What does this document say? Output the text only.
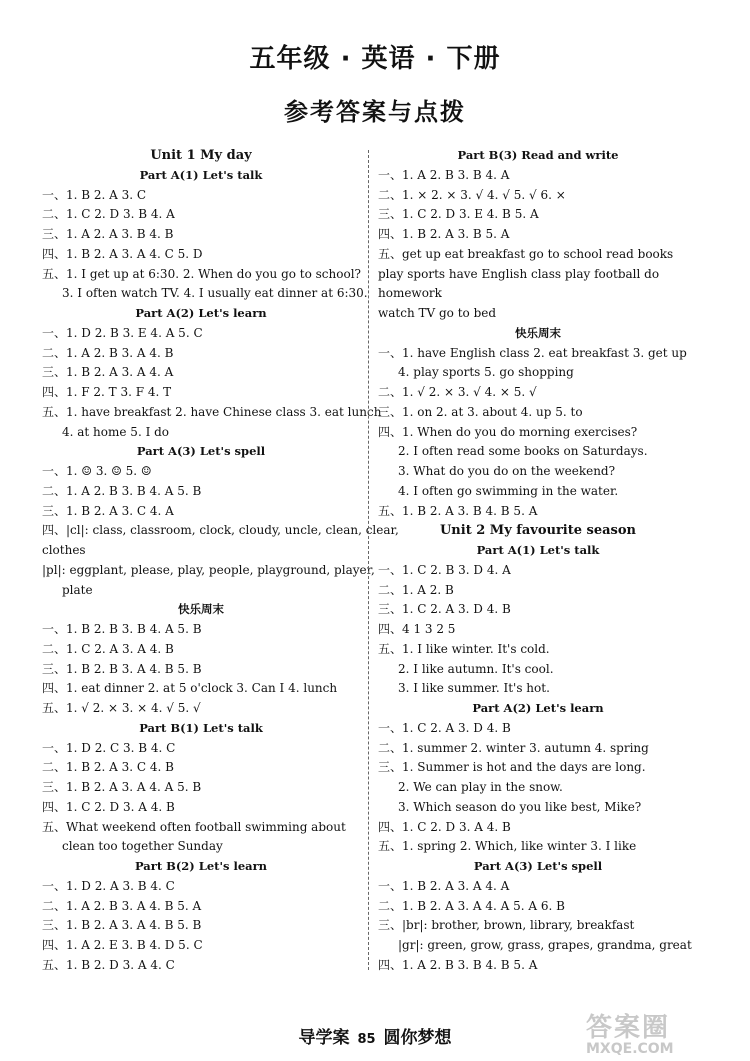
五年级 · 英语 · 下册
参考答案与点拨
Unit 1 My day
Part A(1) Let's talk
一、1. B 2. A 3. C
二、1. C 2. D 3. B 4. A
三、1. A 2. A 3. B 4. B
四、1. B 2. A 3. A 4. C 5. D
五、1. I get up at 6:30. 2. When do you go to school?
3. I often watch TV. 4. I usually eat dinner at 6:30.
Part A(2) Let's learn
一、1. D 2. B 3. E 4. A 5. C
二、1. A 2. B 3. A 4. B
三、1. B 2. A 3. A 4. A
四、1. F 2. T 3. F 4. T
五、1. have breakfast 2. have Chinese class 3. eat lunch
4. at home 5. I do
Part A(3) Let's spell
一、1. ☺ 3. ☺ 5. ☺
二、1. A 2. B 3. B 4. A 5. B
三、1. B 2. A 3. C 4. A
四、|cl|: class, classroom, clock, cloudy, uncle, clean, clear,
clothes
|pl|: eggplant, please, play, people, playground, player,
plate
快乐周末
一、1. B 2. B 3. B 4. A 5. B
二、1. C 2. A 3. A 4. B
三、1. B 2. B 3. A 4. B 5. B
四、1. eat dinner 2. at 5 o'clock 3. Can I 4. lunch
五、1. √ 2. × 3. × 4. √ 5. √
Part B(1) Let's talk
一、1. D 2. C 3. B 4. C
二、1. B 2. A 3. C 4. B
三、1. B 2. A 3. A 4. A 5. B
四、1. C 2. D 3. A 4. B
五、What weekend often football swimming about
clean too together Sunday
Part B(2) Let's learn
一、1. D 2. A 3. B 4. C
二、1. A 2. B 3. A 4. B 5. A
三、1. B 2. A 3. A 4. B 5. B
四、1. A 2. E 3. B 4. D 5. C
五、1. B 2. D 3. A 4. C
Part B(3) Read and write
一、1. A 2. B 3. B 4. A
二、1. × 2. × 3. √ 4. √ 5. √ 6. ×
三、1. C 2. D 3. E 4. B 5. A
四、1. B 2. A 3. B 5. A
五、get up eat breakfast go to school read books
play sports have English class play football do
homework
watch TV go to bed
快乐周末
一、1. have English class 2. eat breakfast 3. get up
4. play sports 5. go shopping
二、1. √ 2. × 3. √ 4. × 5. √
三、1. on 2. at 3. about 4. up 5. to
四、1. When do you do morning exercises?
2. I often read some books on Saturdays.
3. What do you do on the weekend?
4. I often go swimming in the water.
五、1. B 2. A 3. B 4. B 5. A
Unit 2 My favourite season
Part A(1) Let's talk
一、1. C 2. B 3. D 4. A
二、1. A 2. B
三、1. C 2. A 3. D 4. B
四、4 1 3 2 5
五、1. I like winter. It's cold.
2. I like autumn. It's cool.
3. I like summer. It's hot.
Part A(2) Let's learn
一、1. C 2. A 3. D 4. B
二、1. summer 2. winter 3. autumn 4. spring
三、1. Summer is hot and the days are long.
2. We can play in the snow.
3. Which season do you like best, Mike?
四、1. C 2. D 3. A 4. B
五、1. spring 2. Which, like winter 3. I like
Part A(3) Let's spell
一、1. B 2. A 3. A 4. A
二、1. B 2. A 3. A 4. A 5. A 6. B
三、|br|: brother, brown, library, breakfast
|gr|: green, grow, grass, grapes, grandma, great
四、1. A 2. B 3. B 4. B 5. A
导学案 85 圆你梦想	答案圈
MXQE.COM
